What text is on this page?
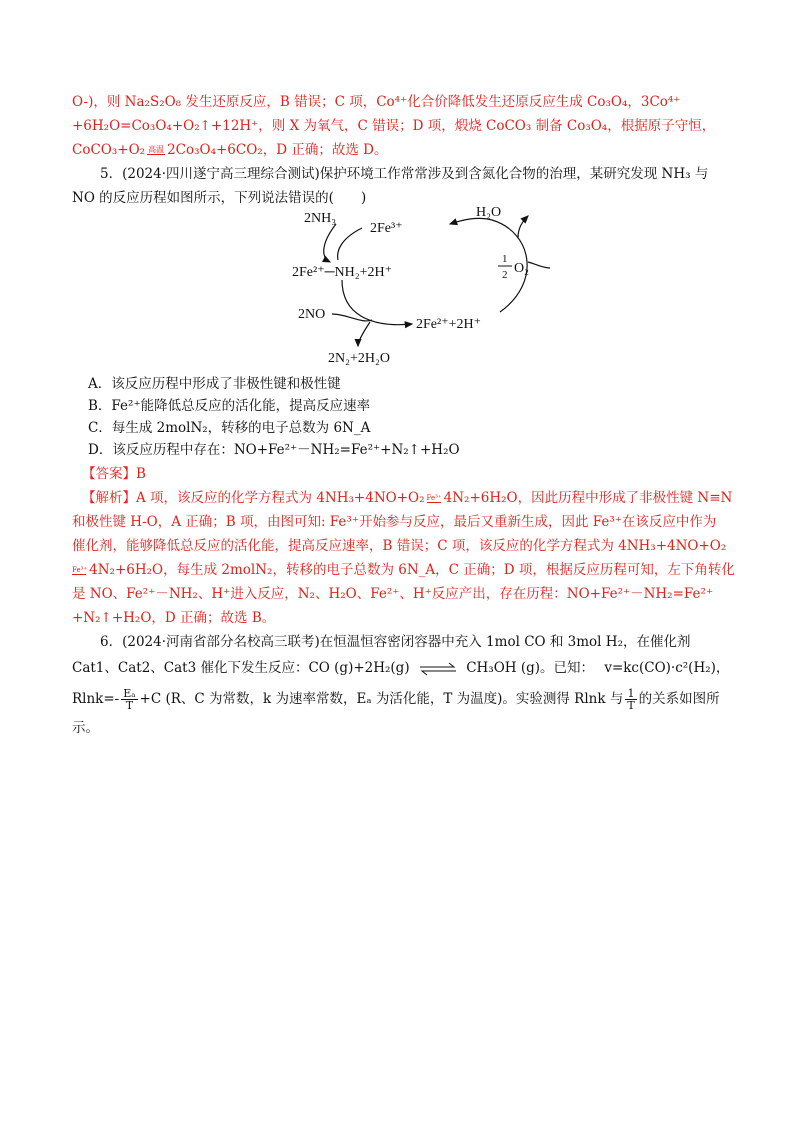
O-)，则 Na₂S₂O₈ 发生还原反应，B 错误；C 项，Co⁴⁺化合价降低发生还原反应生成 Co₃O₄，3Co⁴⁺
+6H₂O=Co₃O₄+O₂↑+12H⁺，则 X 为氧气，C 错误；D 项，煅烧 CoCO₃ 制备 Co₃O₄，根据原子守恒，
CoCO₃+O₂ 高温 2Co₃O₄+6CO₂，D 正确；故选 D。
5．(2024·四川遂宁高三理综合测试)保护环境工作常常涉及到含氮化合物的治理，某研究发现 NH₃ 与
NO 的反应历程如图所示，下列说法错误的(　　)
2NH₃
2Fe³⁺
H₂O
2Fe²⁺─NH₂+2H⁺
1
2 O₂
2NO
2Fe²⁺+2H⁺
2N₂+2H₂O
A．该反应历程中形成了非极性键和极性键
B．Fe²⁺能降低总反应的活化能，提高反应速率
C．每生成 2molN₂，转移的电子总数为 6N_A
D．该反应历程中存在：NO+Fe²⁺－NH₂=Fe²⁺+N₂↑+H₂O
【答案】B
【解析】A 项，该反应的化学方程式为 4NH₃+4NO+O₂ Fe³⁺ 4N₂+6H₂O，因此历程中形成了非极性键 N≡N
和极性键 H-O，A 正确；B 项，由图可知: Fe³⁺开始参与反应，最后又重新生成，因此 Fe³⁺在该反应中作为
催化剂，能够降低总反应的活化能，提高反应速率，B 错误；C 项，该反应的化学方程式为 4NH₃+4NO+O₂
Fe³⁺ 4N₂+6H₂O，每生成 2molN₂，转移的电子总数为 6N_A，C 正确；D 项，根据反应历程可知，左下角转化
是 NO、Fe²⁺－NH₂、H⁺进入反应，N₂、H₂O、Fe²⁺、H⁺反应产出，存在历程：NO+Fe²⁺－NH₂=Fe²⁺
+N₂↑+H₂O，D 正确；故选 B。
6．(2024·河南省部分名校高三联考)在恒温恒容密闭容器中充入 1mol CO 和 3mol H₂，在催化剂
Cat1、Cat2、Cat3 催化下发生反应：CO (g)+2H₂(g) ⇌ CH₃OH (g)。已知： v=kc(CO)·c²(H₂)，
$Rlnk=- \frac{\text{Eₐ}}{T} +C$ (R、C 为常数，k 为速率常数，Eₐ 为活化能，T 为温度)。实验测得 Rlnk 与 $\frac{1}{T}$ 的关系如图所
示。
